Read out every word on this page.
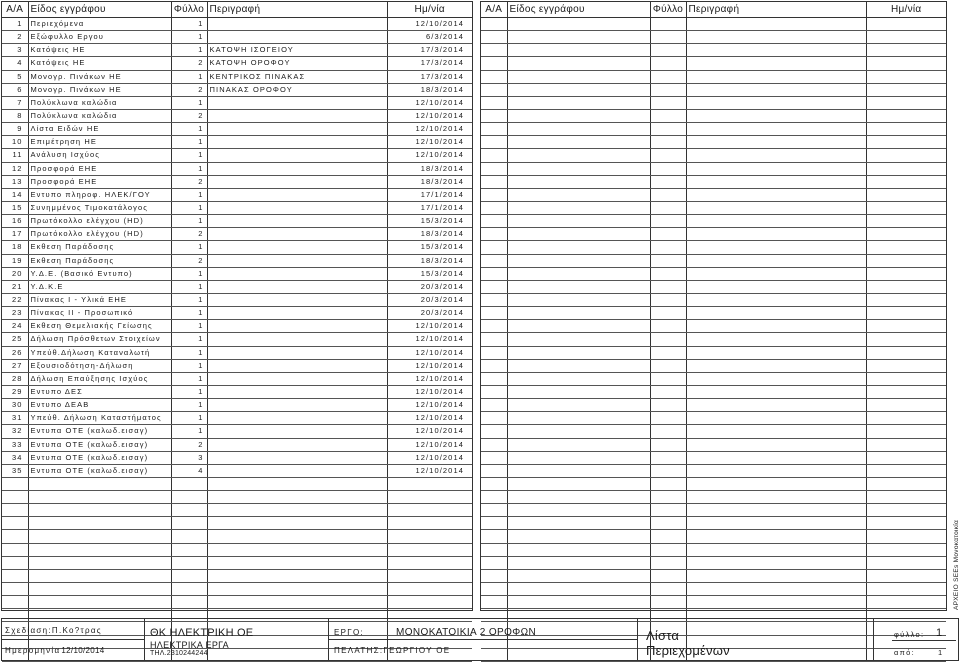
Α/Α	Είδος εγγράφου	Φύλλο	Περιγραφή	Ημ/νία
1	Περιεχόμενα	1		12/10/2014
2	Εξώφυλλο Εργου	1		6/3/2014
3	Κατόψεις ΗΕ	1	ΚΑΤΟΨΗ ΙΣΟΓΕΙΟΥ	17/3/2014
4	Κατόψεις ΗΕ	2	ΚΑΤΟΨΗ ΟΡΟΦΟΥ	17/3/2014
5	Μονογρ. Πινάκων ΗΕ	1	ΚΕΝΤΡΙΚΟΣ ΠΙΝΑΚΑΣ	17/3/2014
6	Μονογρ. Πινάκων ΗΕ	2	ΠΙΝΑΚΑΣ ΟΡΟΦΟΥ	18/3/2014
7	Πολύκλωνα καλώδια	1		12/10/2014
8	Πολύκλωνα καλώδια	2		12/10/2014
9	Λίστα Ειδών ΗΕ	1		12/10/2014
10	Επιμέτρηση ΗΕ	1		12/10/2014
11	Ανάλυση Ισχύος	1		12/10/2014
12	Προσφορά ΕΗΕ	1		18/3/2014
13	Προσφορά ΕΗΕ	2		18/3/2014
14	Εντυπο πληροφ. ΗΛΕΚ/ΓΟΥ	1		17/1/2014
15	Συνημμένος Τιμοκατάλογος	1		17/1/2014
16	Πρωτόκολλο ελέγχου (HD)	1		15/3/2014
17	Πρωτόκολλο ελέγχου (HD)	2		18/3/2014
18	Εκθεση Παράδοσης	1		15/3/2014
19	Εκθεση Παράδοσης	2		18/3/2014
20	Υ.Δ.Ε. (Βασικό Εντυπο)	1		15/3/2014
21	Υ.Δ.Κ.Ε	1		20/3/2014
22	Πίνακας Ι - Υλικά ΕΗΕ	1		20/3/2014
23	Πίνακας ΙΙ - Προσωπικό	1		20/3/2014
24	Εκθεση Θεμελιακής Γείωσης	1		12/10/2014
25	Δήλωση Πρόσθετων Στοιχείων	1		12/10/2014
26	Υπεύθ.Δήλωση Καταναλωτή	1		12/10/2014
27	Εξουσιοδότηση-Δήλωση	1		12/10/2014
28	Δήλωση Επαύξησης Ισχύος	1		12/10/2014
29	Εντυπο ΔΕΣ	1		12/10/2014
30	Εντυπο ΔΕΑΒ	1		12/10/2014
31	Υπεύθ. Δήλωση Καταστήματος	1		12/10/2014
32	Εντυπα ΟΤΕ (καλωδ.εισαγ)	1		12/10/2014
33	Εντυπα ΟΤΕ (καλωδ.εισαγ)	2		12/10/2014
34	Εντυπα ΟΤΕ (καλωδ.εισαγ)	3		12/10/2014
35	Εντυπα ΟΤΕ (καλωδ.εισαγ)	4		12/10/2014

Α/Α	Είδος εγγράφου	Φύλλο	Περιγραφή	Ημ/νία

ΑΡΧΕΙΟ SEEs Μονοκατοικία
Σχεδίαση:Π.Κο?τρας
Ημερομηνία12/10/2014
ΘΚ ΗΛΕΚΤΡΙΚΗ ΟΕ
ΗΛΕΚΤΡΙΚΑ ΕΡΓΑ
ΤΗΛ.2310244244
ΕΡΓΟ:	ΜΟΝΟΚΑΤΟΙΚΙΑ 2 ΟΡΟΦΩΝ
ΠΕΛΑΤΗΣ:ΓΕΩΡΓΙΟΥ ΟΕ
Λίστα
Περιεχομένων
φύλλο: 1
από:	1
